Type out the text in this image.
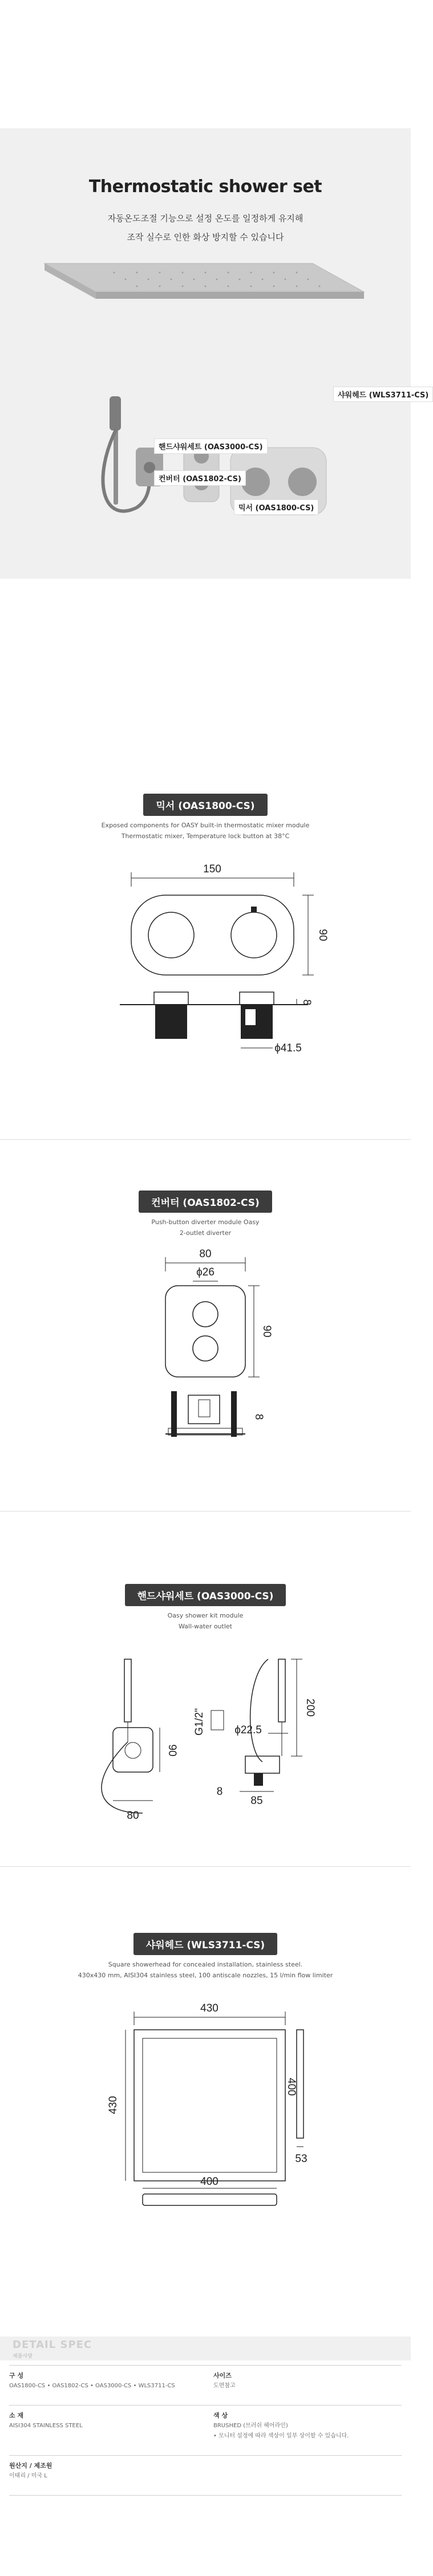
Thermostatic shower set
자동온도조절 기능으로 설정 온도를 일정하게 유지해
조작 실수로 인한 화상 방지할 수 있습니다
샤워헤드 (WLS3711-CS)
핸드샤워세트 (OAS3000-CS)
컨버터 (OAS1802-CS)
믹서 (OAS1800-CS)
믹서 (OAS1800-CS)
Exposed components for OASY built-in thermostatic mixer module
Thermostatic mixer, Temperature lock button at 38°C
150
90
8
ϕ41.5
컨버터 (OAS1802-CS)
Push-button diverter module Oasy
2-outlet diverter
80
ϕ26
90
8
핸드샤워세트 (OAS3000-CS)
Oasy shower kit module
Wall-water outlet
90
80
200
ϕ22.5
G1/2"
85
8
샤워헤드 (WLS3711-CS)
Square showerhead for concealed installation, stainless steel.
430x430 mm, AISI304 stainless steel, 100 antiscale nozzles, 15 l/min flow limiter
430
430
400
53
400
DETAIL SPEC
제품사양
구 성
OAS1800-CS • OAS1802-CS • OAS3000-CS • WLS3711-CS
사이즈
도면참고
소 재
AISI304 STAINLESS STEEL
색 상
BRUSHED (브러쉬 헤어라인)
• 모니터 설정에 따라 색상이 일부 상이할 수 있습니다.
원산지 / 제조원
이태리 / 미국 L
